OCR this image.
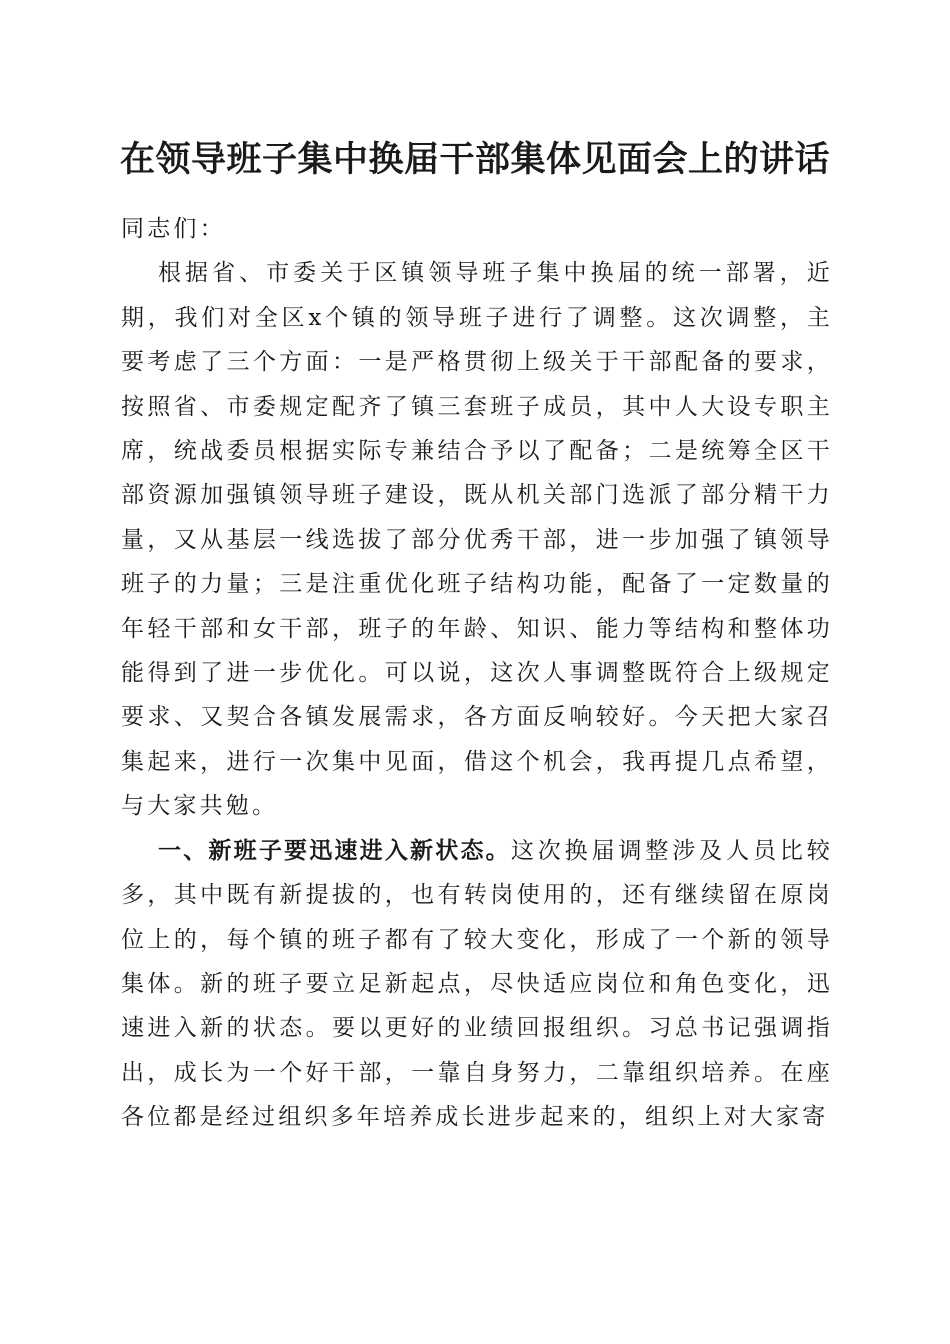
在领导班子集中换届干部集体见面会上的讲话

同志们：

根据省、市委关于区镇领导班子集中换届的统一部署，近期，我们对全区x个镇的领导班子进行了调整。这次调整，主要考虑了三个方面：一是严格贯彻上级关于干部配备的要求，按照省、市委规定配齐了镇三套班子成员，其中人大设专职主席，统战委员根据实际专兼结合予以了配备；二是统筹全区干部资源加强镇领导班子建设，既从机关部门选派了部分精干力量，又从基层一线选拔了部分优秀干部，进一步加强了镇领导班子的力量；三是注重优化班子结构功能，配备了一定数量的年轻干部和女干部，班子的年龄、知识、能力等结构和整体功能得到了进一步优化。可以说，这次人事调整既符合上级规定要求、又契合各镇发展需求，各方面反响较好。今天把大家召集起来，进行一次集中见面，借这个机会，我再提几点希望，与大家共勉。

一、新班子要迅速进入新状态。这次换届调整涉及人员比较多，其中既有新提拔的，也有转岗使用的，还有继续留在原岗位上的，每个镇的班子都有了较大变化，形成了一个新的领导集体。新的班子要立足新起点，尽快适应岗位和角色变化，迅速进入新的状态。要以更好的业绩回报组织。习总书记强调指出，成长为一个好干部，一靠自身努力，二靠组织培养。在座各位都是经过组织多年培养成长进步起来的，组织上对大家寄
